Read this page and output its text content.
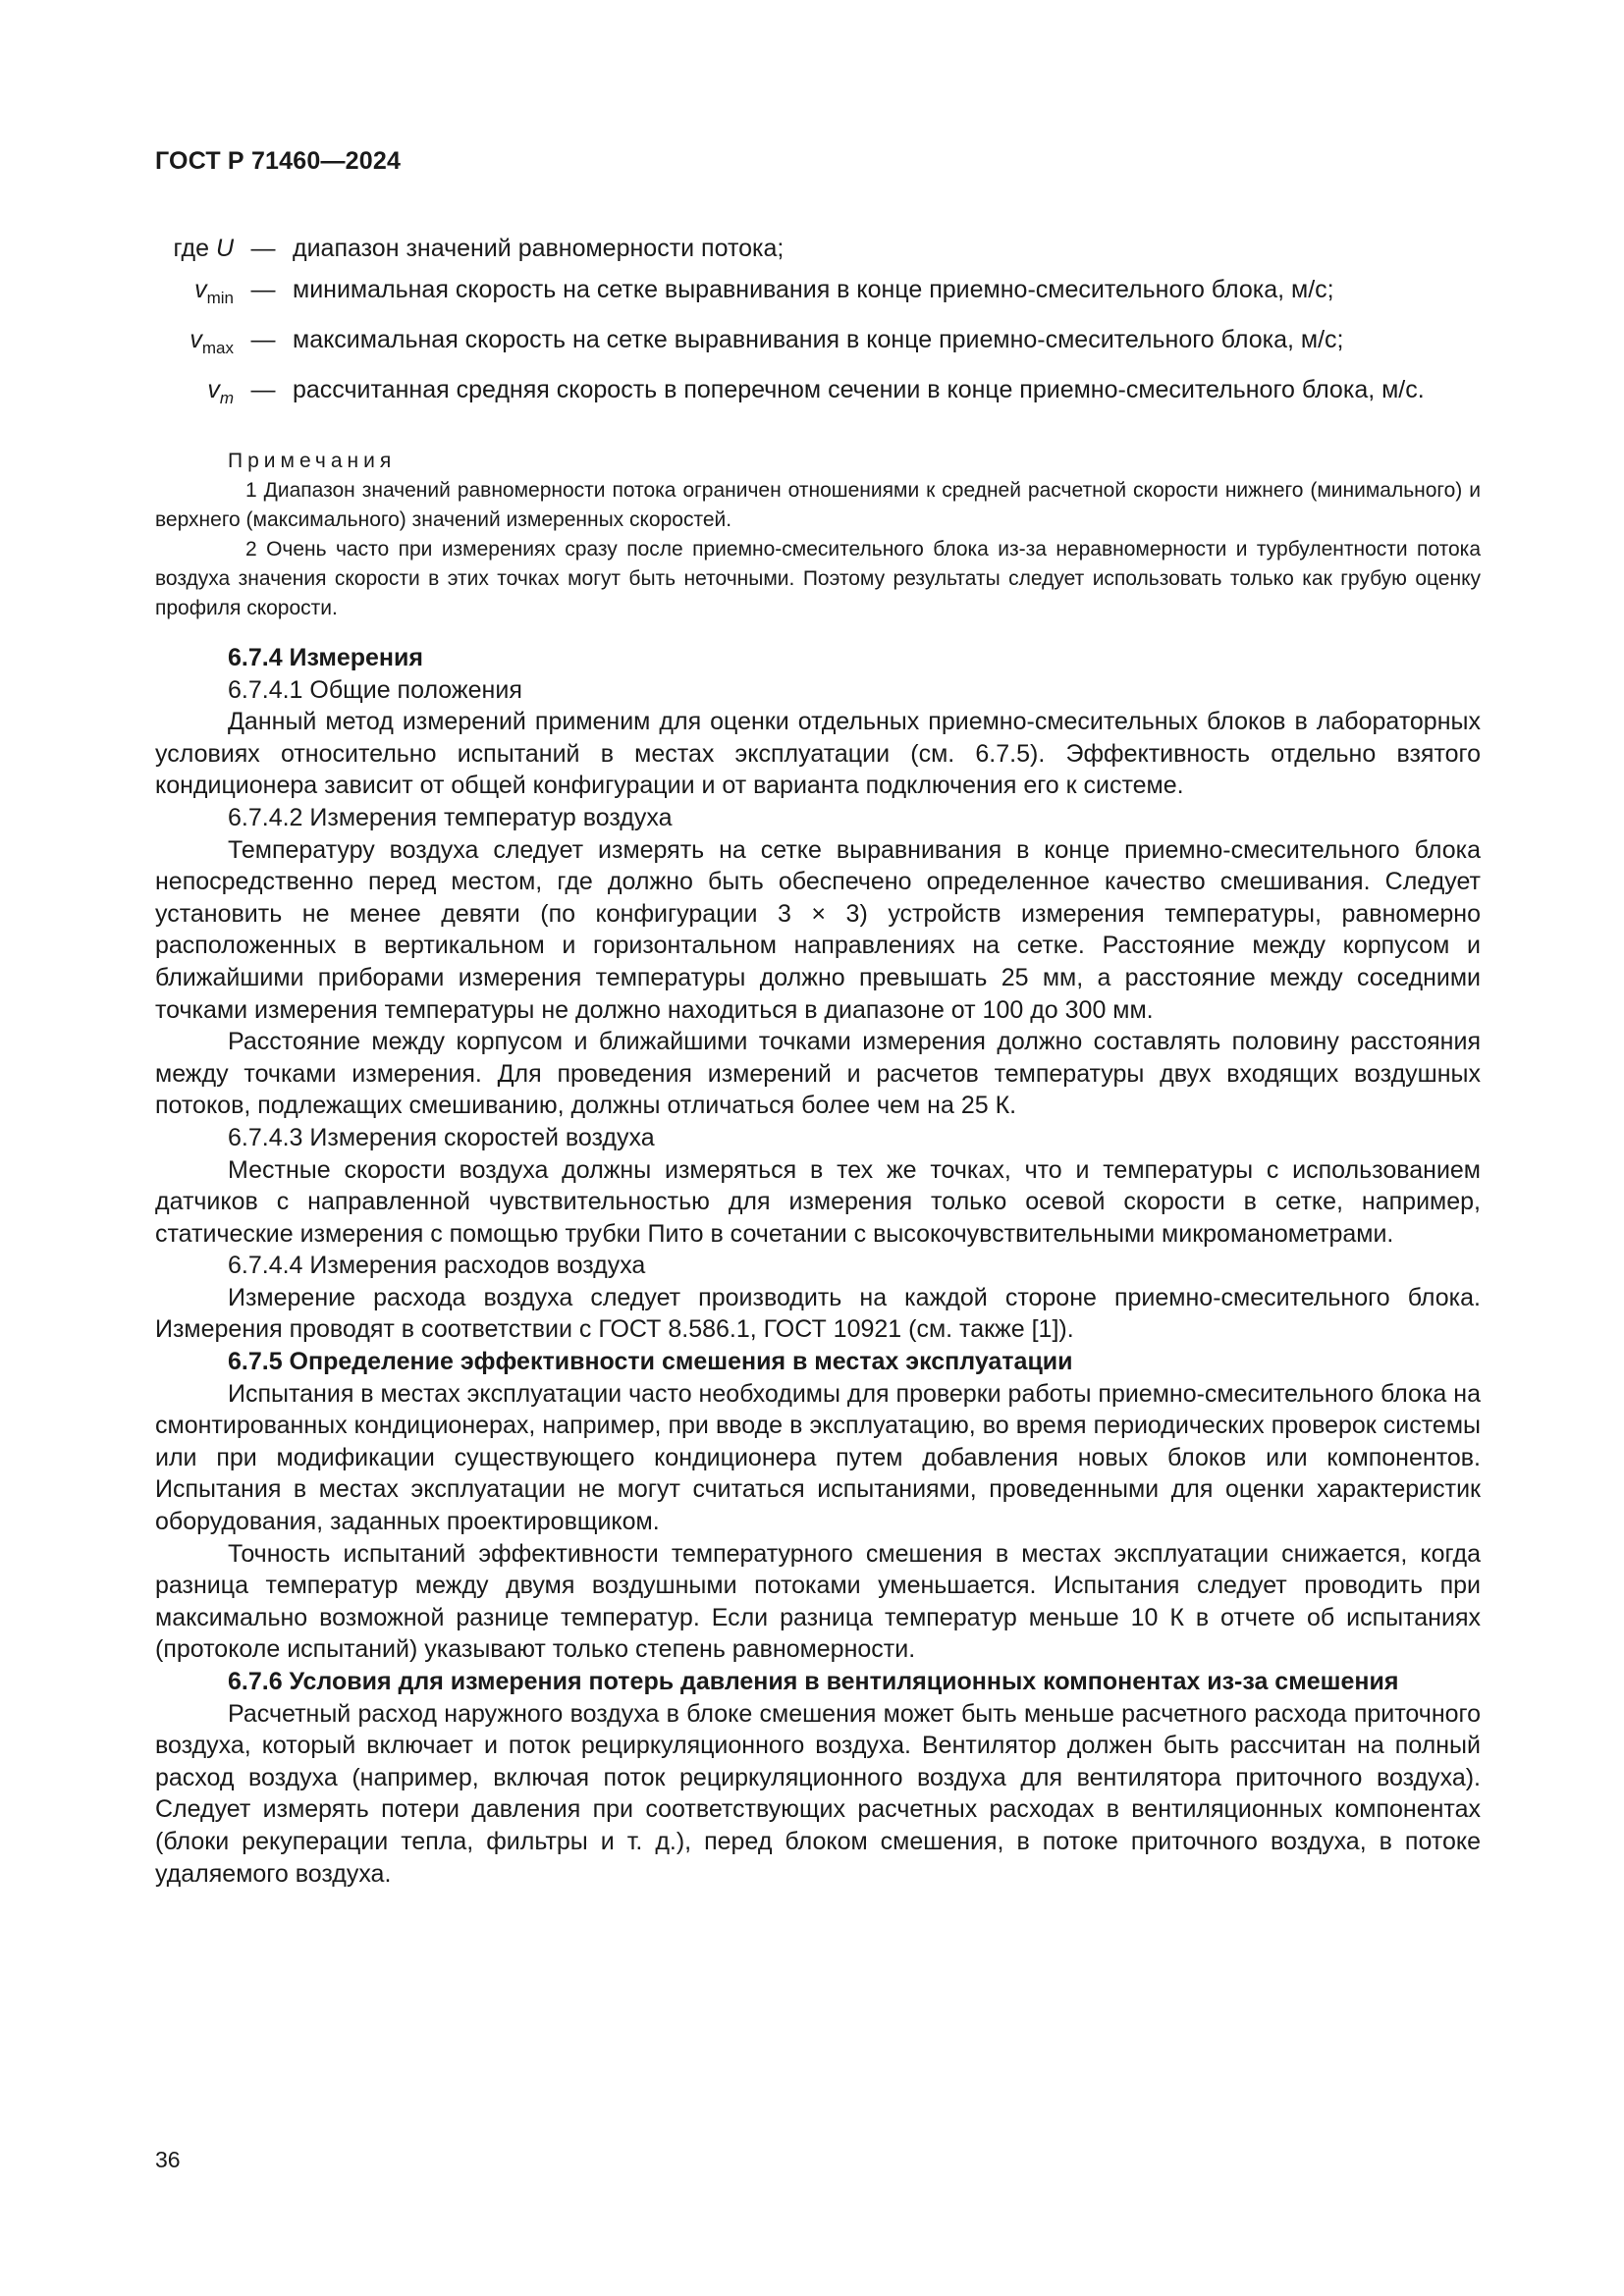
ГОСТ Р 71460—2024
где U — диапазон значений равномерности потока;
$v_{min}$ — минимальная скорость на сетке выравнивания в конце приемно-смесительного блока, м/с;
$v_{max}$ — максимальная скорость на сетке выравнивания в конце приемно-смесительного блока, м/с;
$v_m$ — рассчитанная средняя скорость в поперечном сечении в конце приемно-смесительного блока, м/с.
Примечания

1 Диапазон значений равномерности потока ограничен отношениями к средней расчетной скорости нижнего (минимального) и верхнего (максимального) значений измеренных скоростей.

2 Очень часто при измерениях сразу после приемно-смесительного блока из-за неравномерности и турбулентности потока воздуха значения скорости в этих точках могут быть неточными. Поэтому результаты следует использовать только как грубую оценку профиля скорости.

6.7.4 Измерения

6.7.4.1 Общие положения

Данный метод измерений применим для оценки отдельных приемно-смесительных блоков в лабораторных условиях относительно испытаний в местах эксплуатации (см. 6.7.5). Эффективность отдельно взятого кондиционера зависит от общей конфигурации и от варианта подключения его к системе.

6.7.4.2 Измерения температур воздуха

Температуру воздуха следует измерять на сетке выравнивания в конце приемно-смесительного блока непосредственно перед местом, где должно быть обеспечено определенное качество смешивания. Следует установить не менее девяти (по конфигурации 3 × 3) устройств измерения температуры, равномерно расположенных в вертикальном и горизонтальном направлениях на сетке. Расстояние между корпусом и ближайшими приборами измерения температуры должно превышать 25 мм, а расстояние между соседними точками измерения температуры не должно находиться в диапазоне от 100 до 300 мм.

Расстояние между корпусом и ближайшими точками измерения должно составлять половину расстояния между точками измерения. Для проведения измерений и расчетов температуры двух входящих воздушных потоков, подлежащих смешиванию, должны отличаться более чем на 25 К.

6.7.4.3 Измерения скоростей воздуха

Местные скорости воздуха должны измеряться в тех же точках, что и температуры с использованием датчиков с направленной чувствительностью для измерения только осевой скорости в сетке, например, статические измерения с помощью трубки Пито в сочетании с высокочувствительными микроманометрами.

6.7.4.4 Измерения расходов воздуха

Измерение расхода воздуха следует производить на каждой стороне приемно-смесительного блока. Измерения проводят в соответствии с ГОСТ 8.586.1, ГОСТ 10921 (см. также [1]).

6.7.5 Определение эффективности смешения в местах эксплуатации

Испытания в местах эксплуатации часто необходимы для проверки работы приемно-смесительного блока на смонтированных кондиционерах, например, при вводе в эксплуатацию, во время периодических проверок системы или при модификации существующего кондиционера путем добавления новых блоков или компонентов. Испытания в местах эксплуатации не могут считаться испытаниями, проведенными для оценки характеристик оборудования, заданных проектировщиком.

Точность испытаний эффективности температурного смешения в местах эксплуатации снижается, когда разница температур между двумя воздушными потоками уменьшается. Испытания следует проводить при максимально возможной разнице температур. Если разница температур меньше 10 К в отчете об испытаниях (протоколе испытаний) указывают только степень равномерности.

6.7.6 Условия для измерения потерь давления в вентиляционных компонентах из-за смешения

Расчетный расход наружного воздуха в блоке смешения может быть меньше расчетного расхода приточного воздуха, который включает и поток рециркуляционного воздуха. Вентилятор должен быть рассчитан на полный расход воздуха (например, включая поток рециркуляционного воздуха для вентилятора приточного воздуха). Следует измерять потери давления при соответствующих расчетных расходах в вентиляционных компонентах (блоки рекуперации тепла, фильтры и т. д.), перед блоком смешения, в потоке приточного воздуха, в потоке удаляемого воздуха.

36
